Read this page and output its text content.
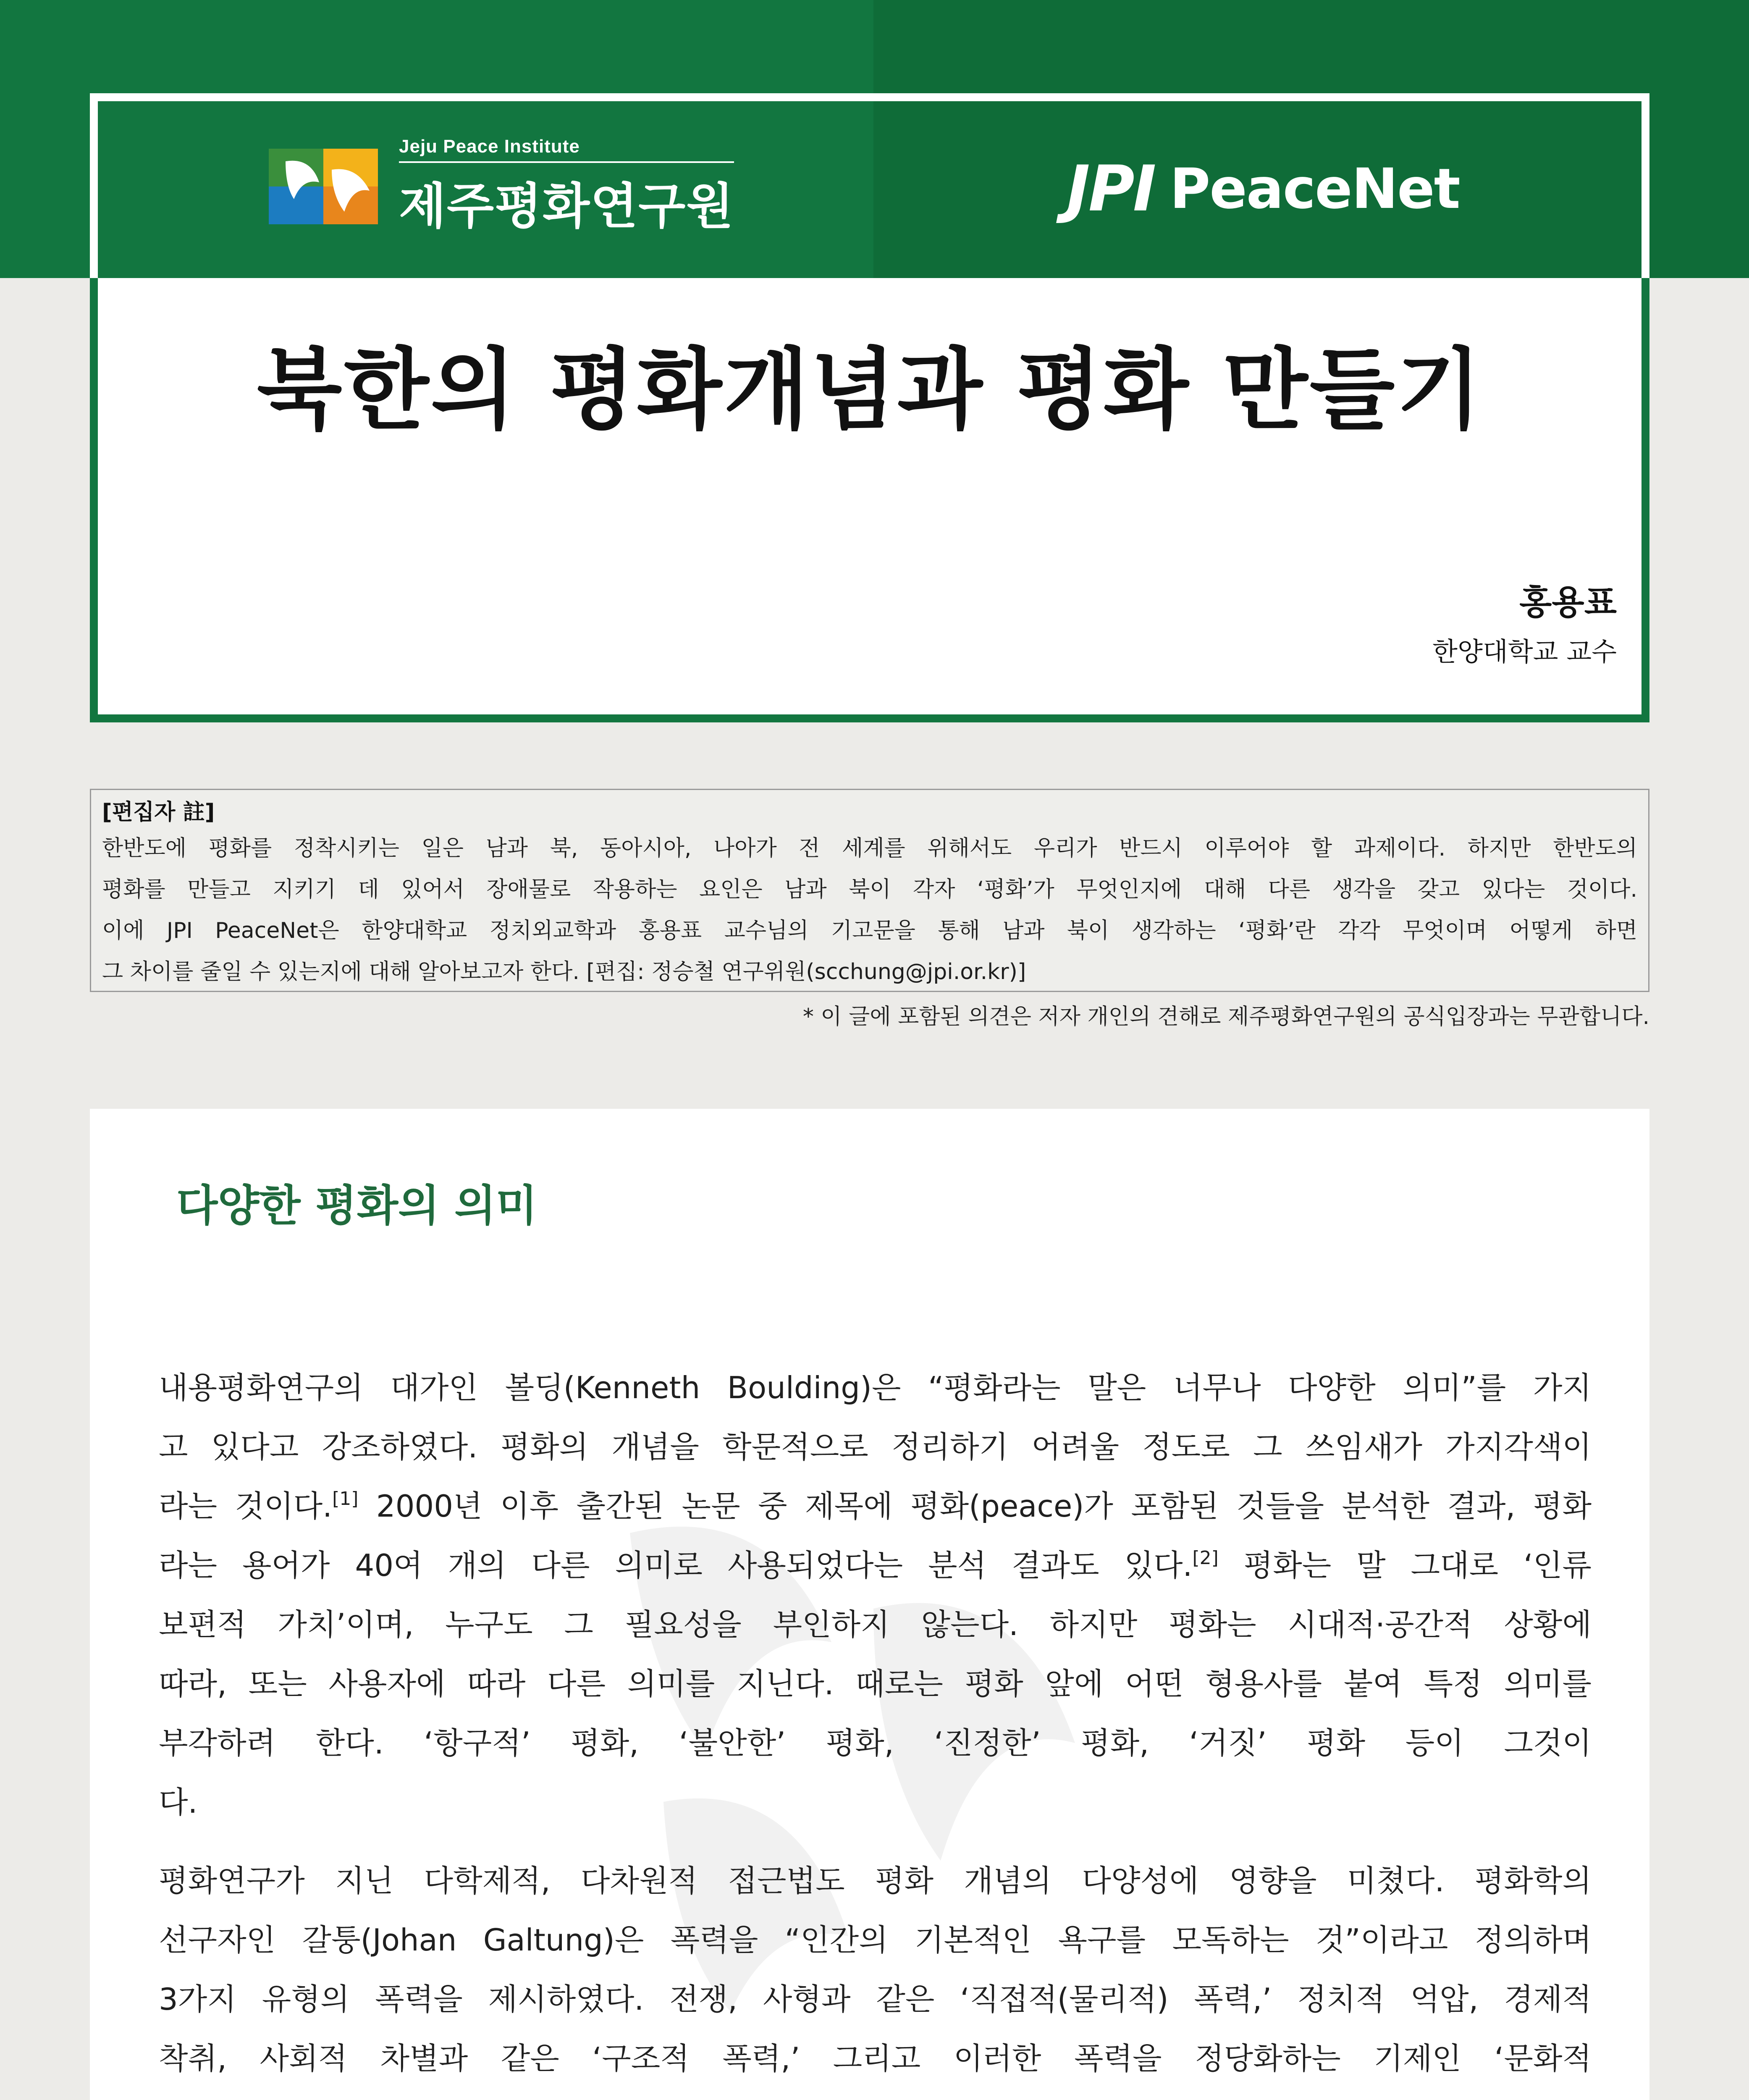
Jeju Peace Institute
제주평화연구원	JPI PeaceNet
북한의 평화개념과 평화 만들기
홍용표
한양대학교 교수
[편집자 註]
한반도에 평화를 정착시키는 일은 남과 북, 동아시아, 나아가 전 세계를 위해서도 우리가 반드시 이루어야 할 과제이다. 하지만 한반도의
평화를 만들고 지키기 데 있어서 장애물로 작용하는 요인은 남과 북이 각자 ‘평화’가 무엇인지에 대해 다른 생각을 갖고 있다는 것이다.
이에 JPI PeaceNet은 한양대학교 정치외교학과 홍용표 교수님의 기고문을 통해 남과 북이 생각하는 ‘평화’란 각각 무엇이며 어떻게 하면
그 차이를 줄일 수 있는지에 대해 알아보고자 한다. [편집: 정승철 연구위원(scchung@jpi.or.kr)]
* 이 글에 포함된 의견은 저자 개인의 견해로 제주평화연구원의 공식입장과는 무관합니다.
다양한 평화의 의미
내용평화연구의 대가인 볼딩(Kenneth Boulding)은 “평화라는 말은 너무나 다양한 의미”를 가지
고 있다고 강조하였다. 평화의 개념을 학문적으로 정리하기 어려울 정도로 그 쓰임새가 가지각색이
라는 것이다.[1] 2000년 이후 출간된 논문 중 제목에 평화(peace)가 포함된 것들을 분석한 결과, 평화
라는 용어가 40여 개의 다른 의미로 사용되었다는 분석 결과도 있다.[2] 평화는 말 그대로 ‘인류
보편적 가치’이며, 누구도 그 필요성을 부인하지 않는다. 하지만 평화는 시대적·공간적 상황에
따라, 또는 사용자에 따라 다른 의미를 지닌다. 때로는 평화 앞에 어떤 형용사를 붙여 특정 의미를
부각하려 한다. ‘항구적’ 평화, ‘불안한’ 평화, ‘진정한’ 평화, ‘거짓’ 평화 등이 그것이
다.
평화연구가 지닌 다학제적, 다차원적 접근법도 평화 개념의 다양성에 영향을 미쳤다. 평화학의
선구자인 갈퉁(Johan Galtung)은 폭력을 “인간의 기본적인 욕구를 모독하는 것”이라고 정의하며
3가지 유형의 폭력을 제시하였다. 전쟁, 사형과 같은 ‘직접적(물리적) 폭력,’ 정치적 억압, 경제적
착취, 사회적 차별과 같은 ‘구조적 폭력,’ 그리고 이러한 폭력을 정당화하는 기제인 ‘문화적
